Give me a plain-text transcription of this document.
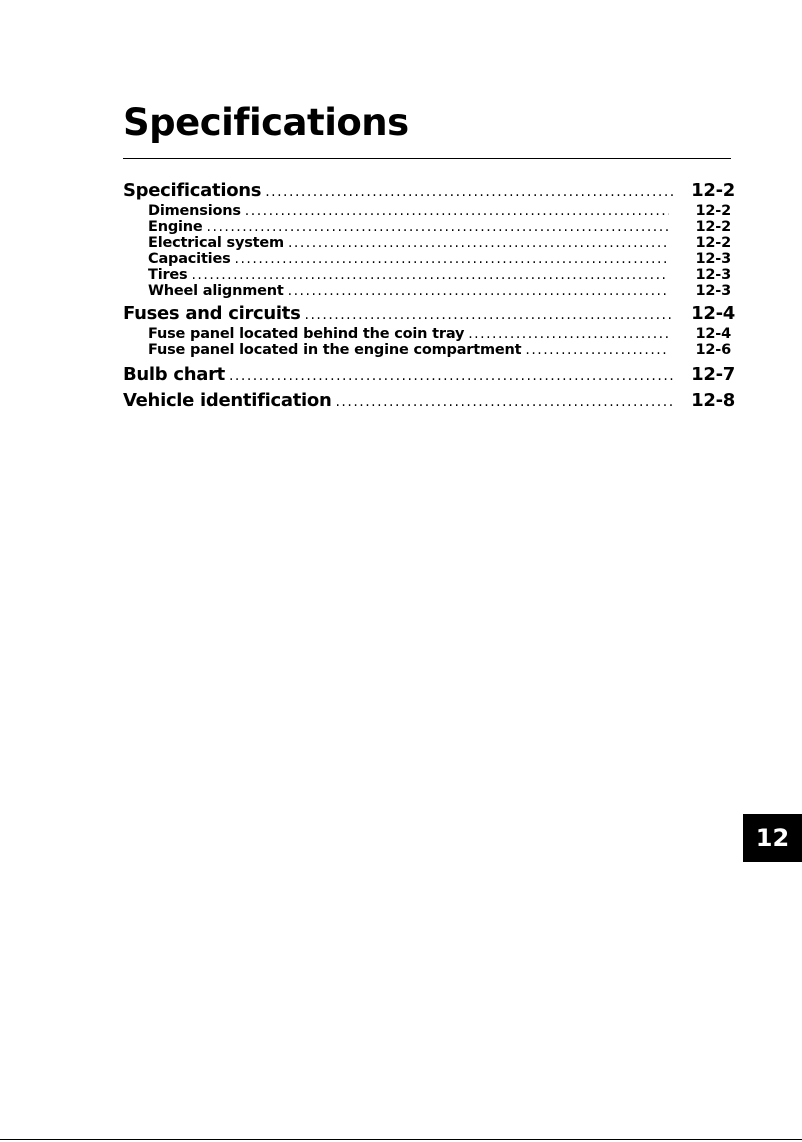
Specifications
Specifications .....	12-2
Dimensions .....	12-2
Engine .....	12-2
Electrical system .....	12-2
Capacities .....	12-3
Tires .....	12-3
Wheel alignment .....	12-3
Fuses and circuits .....	12-4
Fuse panel located behind the coin tray .....	12-4
Fuse panel located in the engine compartment .....	12-6
Bulb chart .....	12-7
Vehicle identification .....	12-8
12
